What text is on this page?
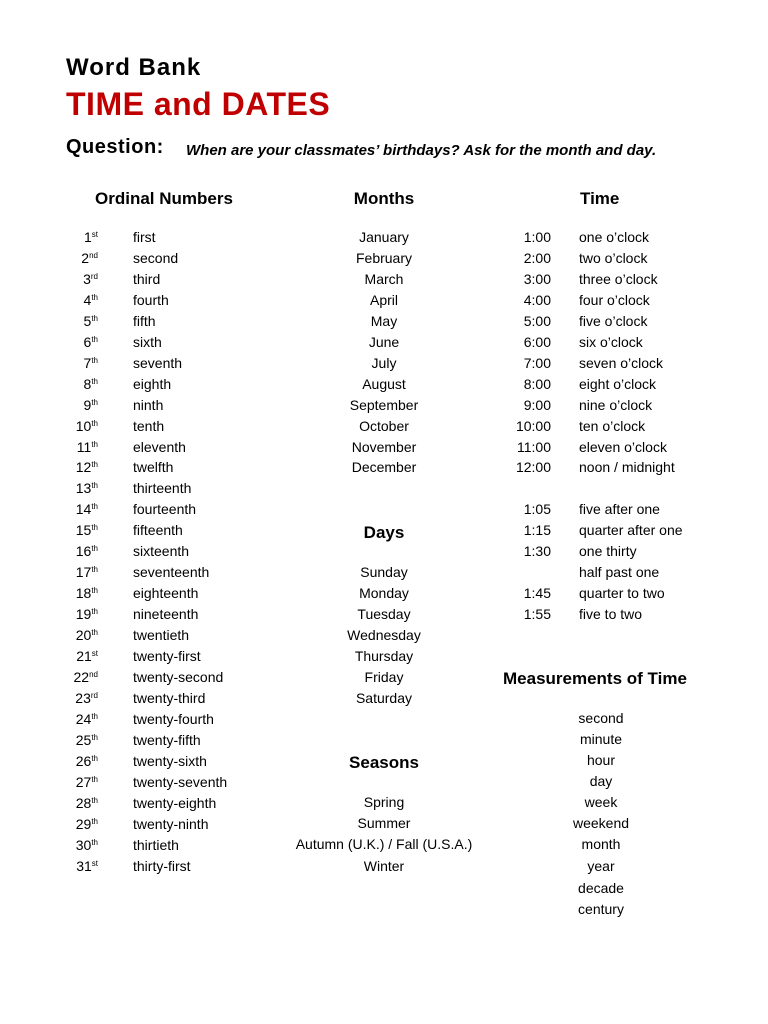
Word Bank
TIME and DATES
Question: When are your classmates’ birthdays? Ask for the month and day.
Ordinal Numbers	Months	Time
Days
Seasons
Measurements of Time
1st	first
2nd	second
3rd	third
4th	fourth
5th	fifth
6th	sixth
7th	seventh
8th	eighth
9th	ninth
10th	tenth
11th	eleventh
12th	twelfth
13th	thirteenth
14th	fourteenth
15th	fifteenth
16th	sixteenth
17th	seventeenth
18th	eighteenth
19th	nineteenth
20th	twentieth
21st	twenty-first
22nd	twenty-second
23rd	twenty-third
24th	twenty-fourth
25th	twenty-fifth
26th	twenty-sixth
27th	twenty-seventh
28th	twenty-eighth
29th	twenty-ninth
30th	thirtieth
31st	thirty-first
January
February
March
April
May
June
July
August
September
October
November
December
Sunday
Monday
Tuesday
Wednesday
Thursday
Friday
Saturday
Spring
Summer
Autumn (U.K.) / Fall (U.S.A.)
Winter
1:00 one o’clock
2:00 two o’clock
3:00 three o’clock
4:00 four o’clock
5:00 five o’clock
6:00 six o’clock
7:00 seven o’clock
8:00 eight o’clock
9:00 nine o’clock
10:00 ten o’clock
11:00 eleven o’clock
12:00 noon / midnight
1:05 five after one
1:15 quarter after one
1:30 one thirty
half past one
1:45 quarter to two
1:55 five to two
second
minute
hour
day
week
weekend
month
year
decade
century
